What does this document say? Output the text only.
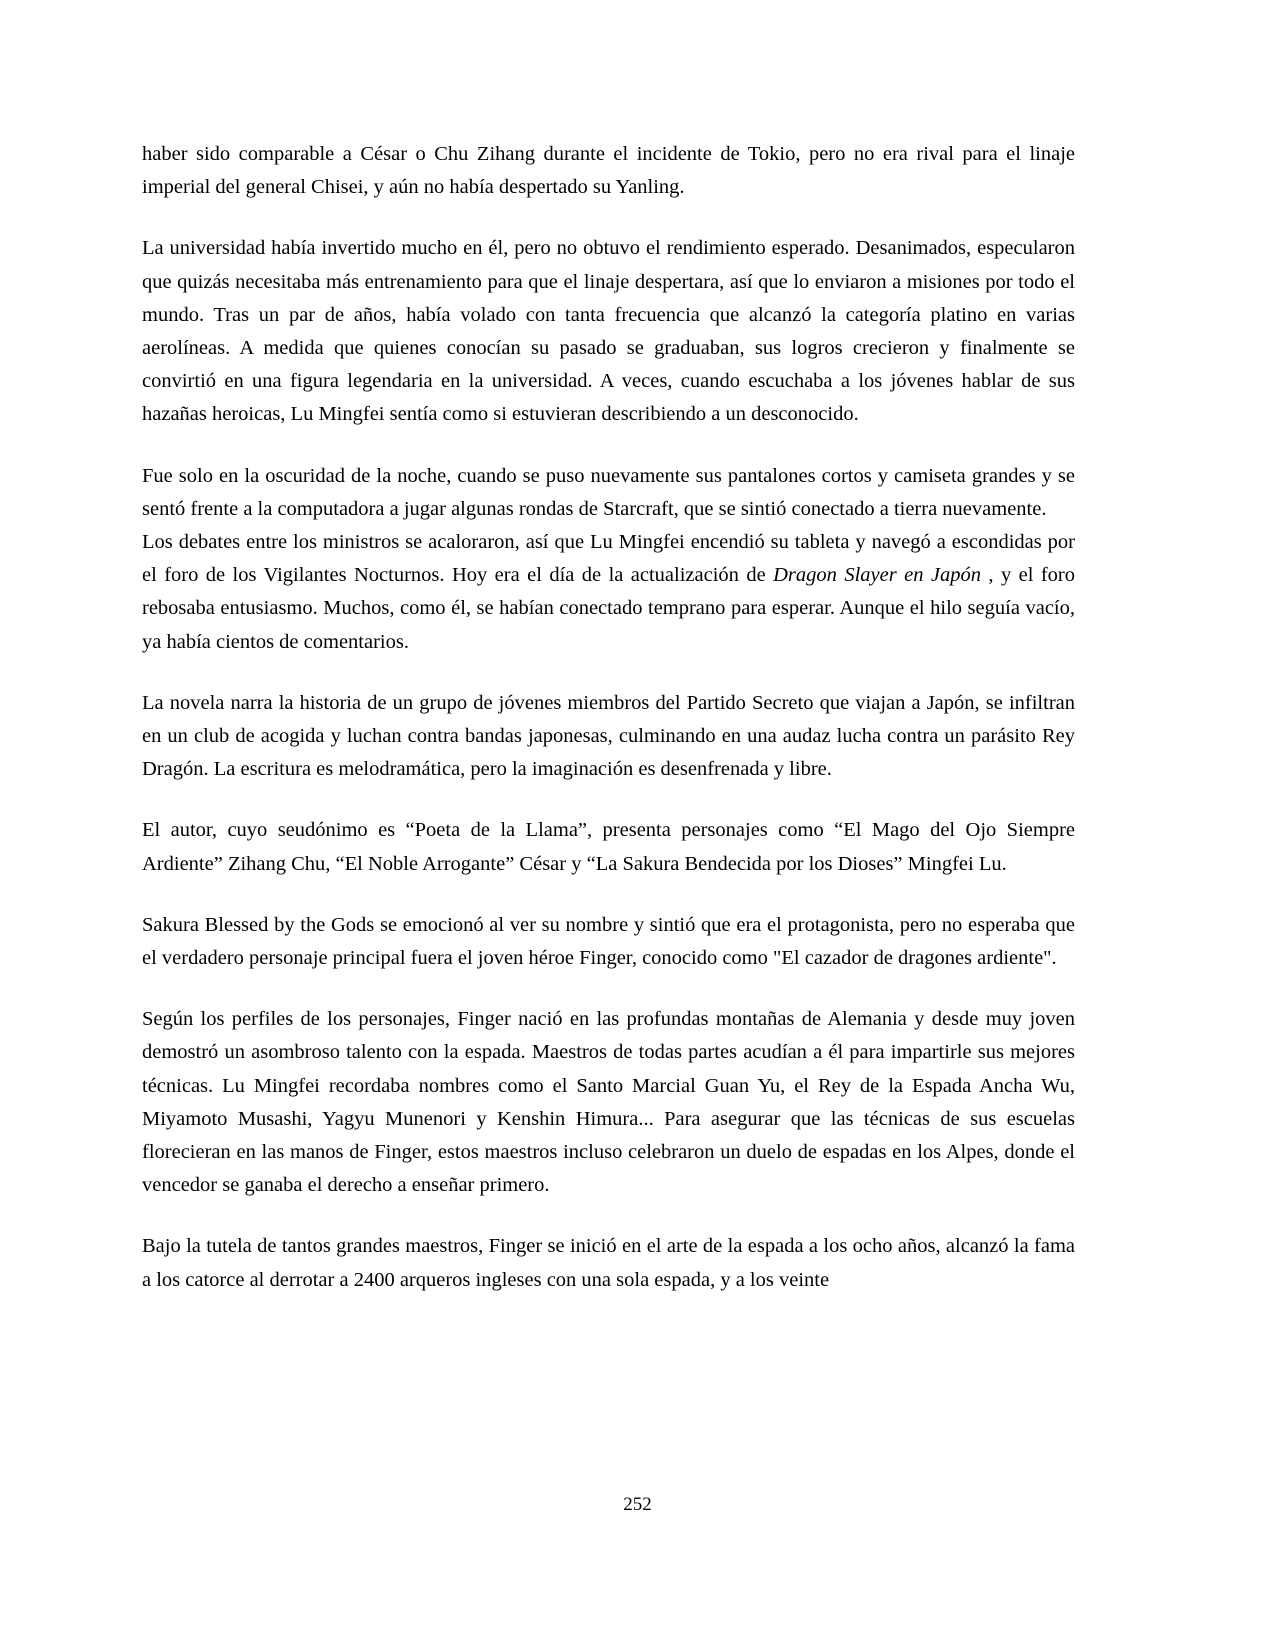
haber sido comparable a César o Chu Zihang durante el incidente de Tokio, pero no era rival para el linaje imperial del general Chisei, y aún no había despertado su Yanling.

La universidad había invertido mucho en él, pero no obtuvo el rendimiento esperado. Desanimados, especularon que quizás necesitaba más entrenamiento para que el linaje despertara, así que lo enviaron a misiones por todo el mundo. Tras un par de años, había volado con tanta frecuencia que alcanzó la categoría platino en varias aerolíneas. A medida que quienes conocían su pasado se graduaban, sus logros crecieron y finalmente se convirtió en una figura legendaria en la universidad. A veces, cuando escuchaba a los jóvenes hablar de sus hazañas heroicas, Lu Mingfei sentía como si estuvieran describiendo a un desconocido.

Fue solo en la oscuridad de la noche, cuando se puso nuevamente sus pantalones cortos y camiseta grandes y se sentó frente a la computadora a jugar algunas rondas de Starcraft, que se sintió conectado a tierra nuevamente.

Los debates entre los ministros se acaloraron, así que Lu Mingfei encendió su tableta y navegó a escondidas por el foro de los Vigilantes Nocturnos. Hoy era el día de la actualización de Dragon Slayer en Japón , y el foro rebosaba entusiasmo. Muchos, como él, se habían conectado temprano para esperar. Aunque el hilo seguía vacío, ya había cientos de comentarios.

La novela narra la historia de un grupo de jóvenes miembros del Partido Secreto que viajan a Japón, se infiltran en un club de acogida y luchan contra bandas japonesas, culminando en una audaz lucha contra un parásito Rey Dragón. La escritura es melodramática, pero la imaginación es desenfrenada y libre.

El autor, cuyo seudónimo es “Poeta de la Llama”, presenta personajes como “El Mago del Ojo Siempre Ardiente” Zihang Chu, “El Noble Arrogante” César y “La Sakura Bendecida por los Dioses” Mingfei Lu.

Sakura Blessed by the Gods se emocionó al ver su nombre y sintió que era el protagonista, pero no esperaba que el verdadero personaje principal fuera el joven héroe Finger, conocido como "El cazador de dragones ardiente".

Según los perfiles de los personajes, Finger nació en las profundas montañas de Alemania y desde muy joven demostró un asombroso talento con la espada. Maestros de todas partes acudían a él para impartirle sus mejores técnicas. Lu Mingfei recordaba nombres como el Santo Marcial Guan Yu, el Rey de la Espada Ancha Wu, Miyamoto Musashi, Yagyu Munenori y Kenshin Himura... Para asegurar que las técnicas de sus escuelas florecieran en las manos de Finger, estos maestros incluso celebraron un duelo de espadas en los Alpes, donde el vencedor se ganaba el derecho a enseñar primero.

Bajo la tutela de tantos grandes maestros, Finger se inició en el arte de la espada a los ocho años, alcanzó la fama a los catorce al derrotar a 2400 arqueros ingleses con una sola espada, y a los veinte

252
